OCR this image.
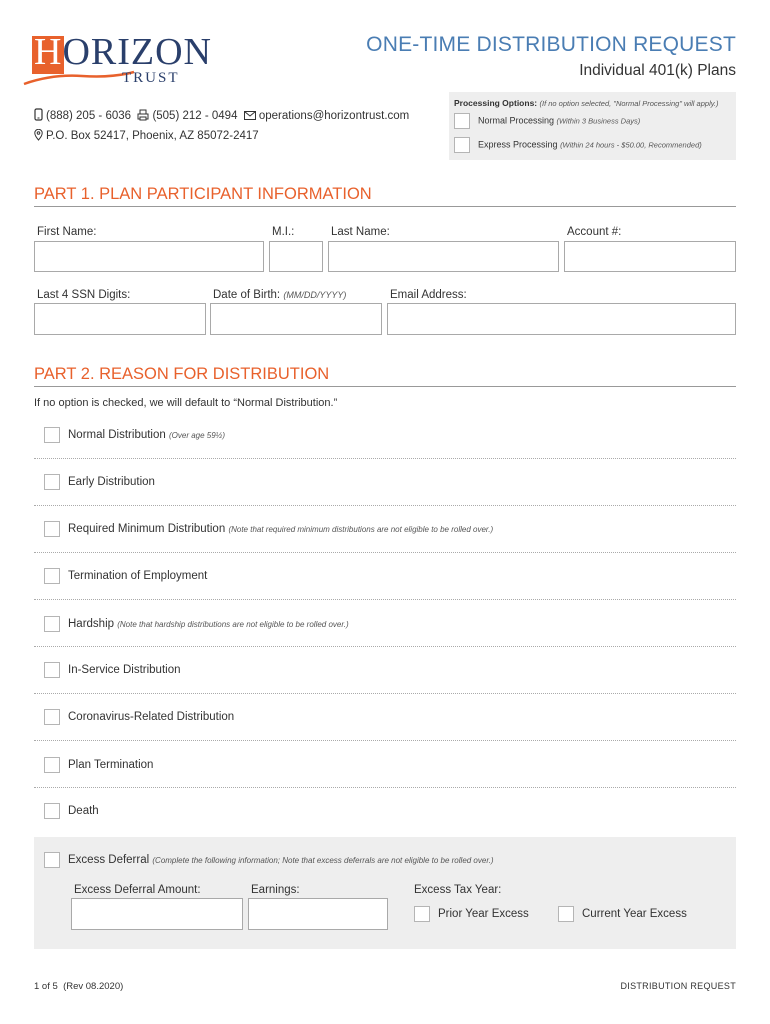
HORIZON
TRUST
ONE-TIME DISTRIBUTION REQUEST
Individual 401(k) Plans
(888) 205 - 6036 (505) 212 - 0494 operations@horizontrust.com
P.O. Box 52417, Phoenix, AZ 85072-2417
Processing Options: (If no option selected, "Normal Processing" will apply.)
Normal Processing (Within 3 Business Days)
Express Processing (Within 24 hours - $50.00, Recommended)
PART 1. PLAN PARTICIPANT INFORMATION
First Name:	M.I.:	Last Name:	Account #:
Last 4 SSN Digits:	Date of Birth: (MM/DD/YYYY)	Email Address:
PART 2. REASON FOR DISTRIBUTION
If no option is checked, we will default to “Normal Distribution.”
Normal Distribution (Over age 59½)
Early Distribution
Required Minimum Distribution (Note that required minimum distributions are not eligible to be rolled over.)
Termination of Employment
Hardship (Note that hardship distributions are not eligible to be rolled over.)
In-Service Distribution
Coronavirus-Related Distribution
Plan Termination
Death
Excess Deferral (Complete the following information; Note that excess deferrals are not eligible to be rolled over.)
Excess Deferral Amount:	Earnings:	Excess Tax Year:
Prior Year Excess	Current Year Excess
1 of 5 (Rev 08.2020)	DISTRIBUTION REQUEST
